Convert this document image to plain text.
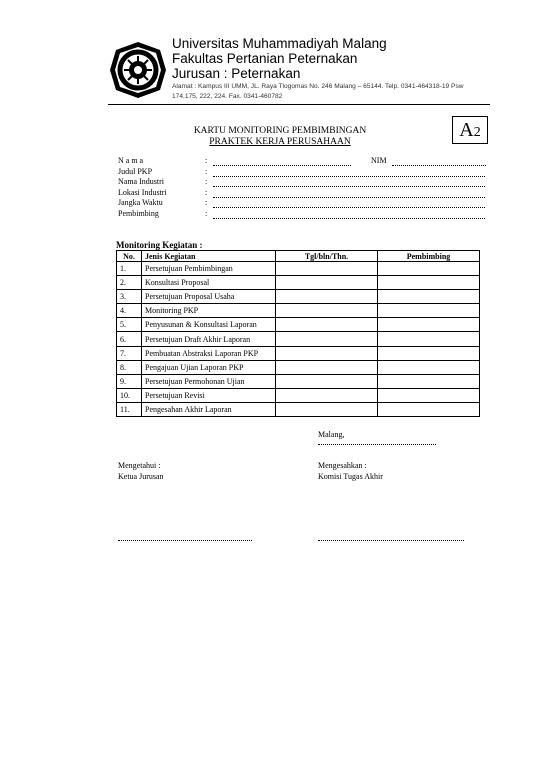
Universitas Muhammadiyah Malang
Fakultas Pertanian Peternakan
Jurusan : Peternakan
Alamat : Kampus III UMM, JL. Raya Tlogomas No. 246 Malang – 65144. Telp. 0341-464318-19 Psw
174,175, 222, 224. Fax. 0341-460782
KARTU MONITORING PEMBIMBINGAN
PRAKTEK KERJA PERUSAHAAN
A2
N a m a	:	NIM
Judul PKP	:
Nama Industri	:
Lokasi Industri	:
Jangka Waktu	:
Pembimbing	:
Monitoring Kegiatan :
No.	Jenis Kegiatan	Tgl/bln/Thn.	Pembimbing
1.	Persetujuan Pembimbingan		
2.	Konsultasi Proposal		
3.	Persetujuan Proposal Usaha		
4.	Monitoring PKP		
5.	Penyusunan & Konsultasi Laporan		
6.	Persetujuan Draft Akhir Laporan		
7.	Pembuatan Abstraksi Laporan PKP		
8.	Pengajuan Ujian Laporan PKP		
9.	Persetujuan Permohonan Ujian		
10.	Persetujuan Revisi		
11.	Pengesahan Akhir Laporan		
Malang,
Mengetahui :
Ketua Jurusan
Mengesahkan :
Komisi Tugas Akhir
